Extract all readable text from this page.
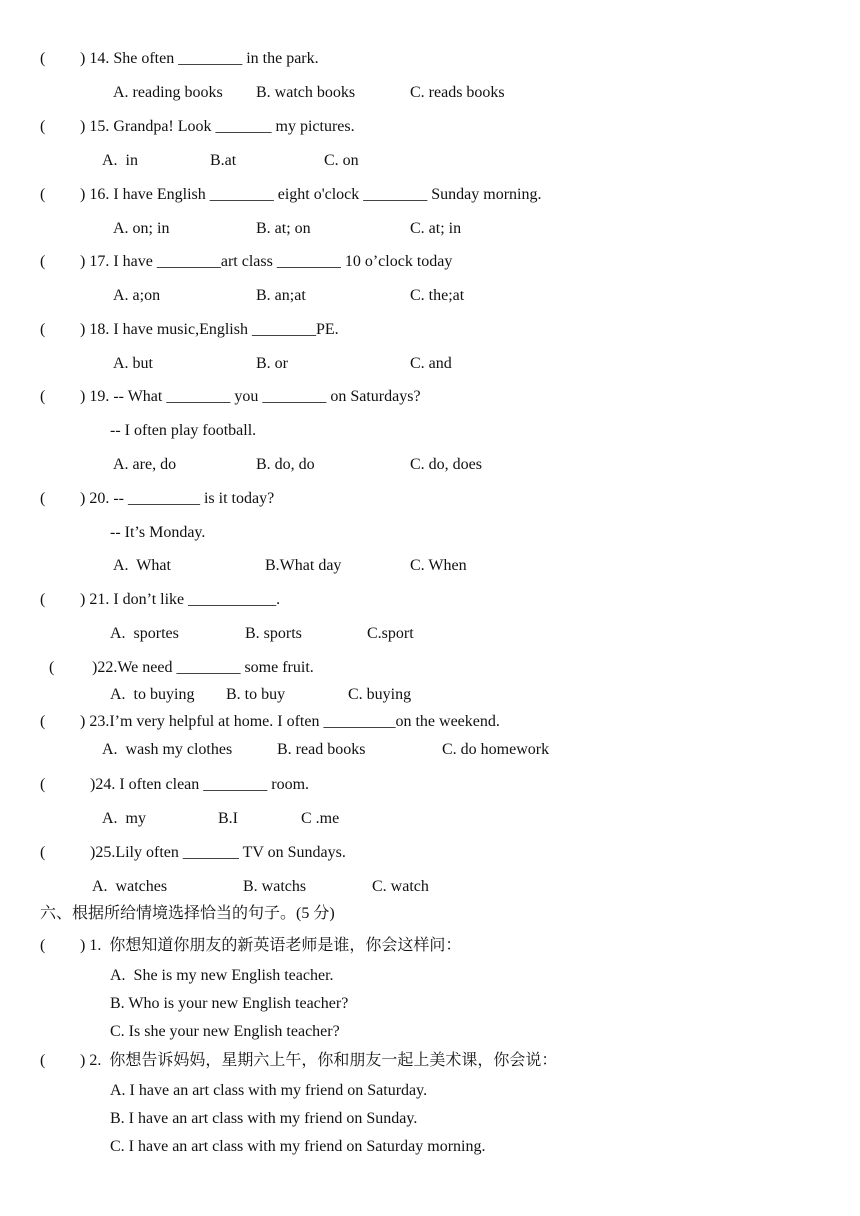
( ) 14. She often ________ in the park.
A. reading books B. watch books	C. reads books
( ) 15. Grandpa! Look _______ my pictures.
A.  in	B.at	C. on
( ) 16. I have English ________ eight o'clock ________ Sunday morning.
A. on; in	B. at; on	C. at; in
( ) 17. I have ________art class ________ 10 o’clock today
A. a;on	B. an;at	C. the;at
( ) 18. I have music,English ________PE.
A. but	B. or	C. and
( ) 19. -- What ________ you ________ on Saturdays?
-- I often play football.
A. are, do	B. do, do	C. do, does
( ) 20. -- _________ is it today?
-- It’s Monday.
A.  What	B.What day	C. When
( ) 21. I don’t like ___________.
A.  sportes	B. sports	C.sport
( )22.We need ________ some fruit.
A.  to buying B. to buy	C. buying
( ) 23.I’m very helpful at home. I often _________on the weekend.
A.  wash my clothes	B. read books	C. do homework
(	)24. I often clean ________ room.
A.  my	B.I	C .me
(	)25.Lily often _______ TV on Sundays.
A.  watches	B. watchs	C. watch
六、根据所给情境选择恰当的句子。(5 分)
( ) 1.  你想知道你朋友的新英语老师是谁，你会这样问：
A.  She is my new English teacher.
B. Who is your new English teacher?
C. Is she your new English teacher?
( ) 2.  你想告诉妈妈，星期六上午，你和朋友一起上美术课，你会说：
A. I have an art class with my friend on Saturday.
B. I have an art class with my friend on Sunday.
C. I have an art class with my friend on Saturday morning.
